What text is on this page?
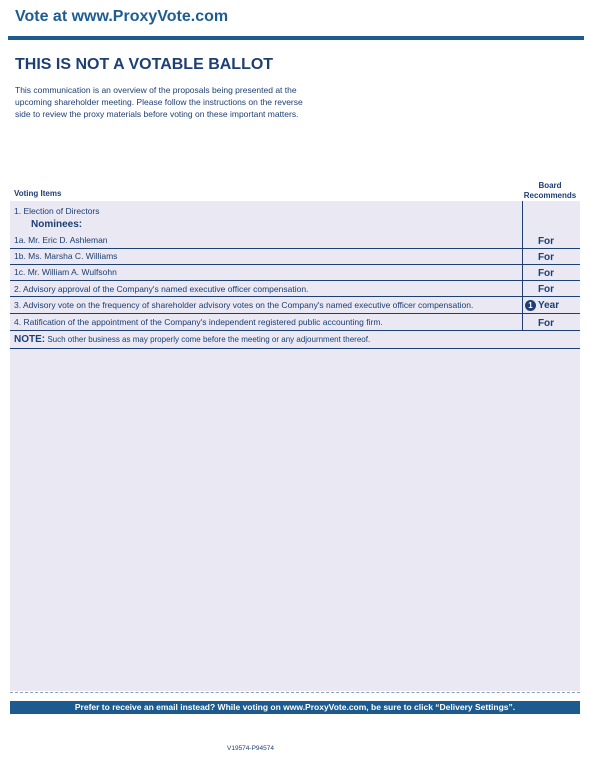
Vote at www.ProxyVote.com
THIS IS NOT A VOTABLE BALLOT
This communication is an overview of the proposals being presented at the upcoming shareholder meeting. Please follow the instructions on the reverse side to review the proxy materials before voting on these important matters.
Voting Items
Board Recommends
1. Election of Directors
Nominees:
1a. Mr. Eric D. Ashleman	For
1b. Ms. Marsha C. Williams	For
1c. Mr. William A. Wulfsohn	For
2. Advisory approval of the Company's named executive officer compensation.	For
3. Advisory vote on the frequency of shareholder advisory votes on the Company's named executive officer compensation.	1 Year
4. Ratification of the appointment of the Company's independent registered public accounting firm.	For
NOTE: Such other business as may properly come before the meeting or any adjournment thereof.
Prefer to receive an email instead? While voting on www.ProxyVote.com, be sure to click “Delivery Settings”.
V19574-P94574
